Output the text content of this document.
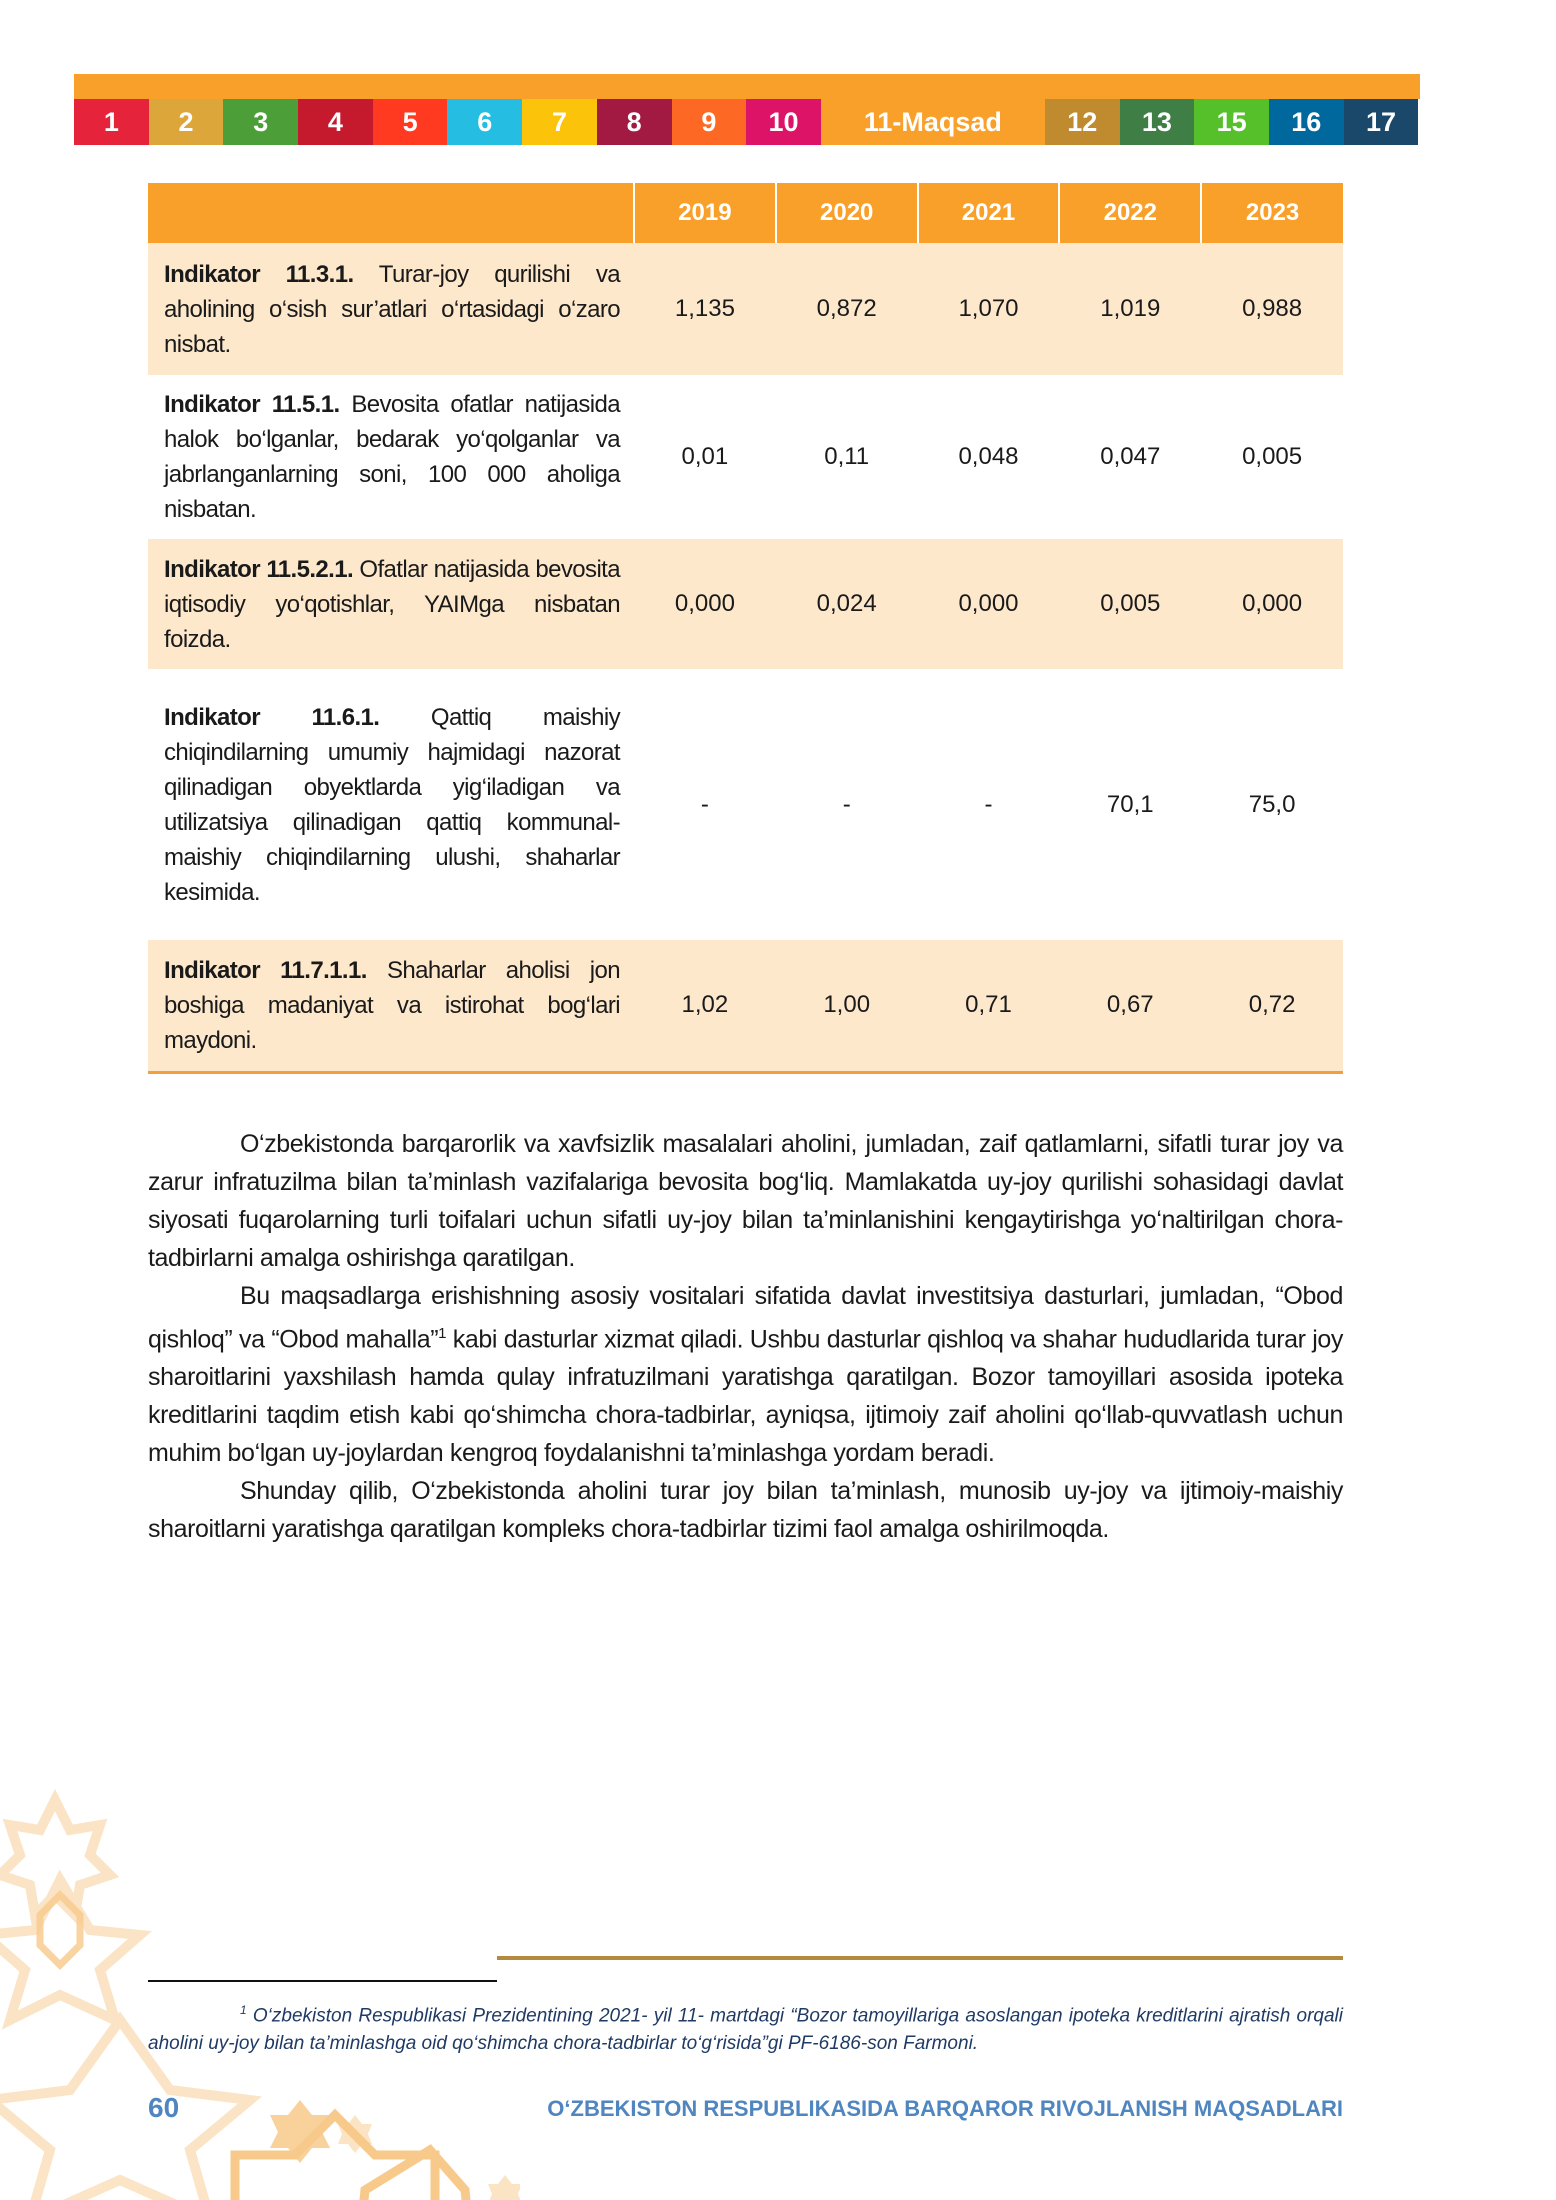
1	2	3	4	5	6	7	8	9	10	11-Maqsad	12	13	15	16	17
	2019	2020	2021	2022	2023
Indikator 11.3.1. Turar-joy qurilishi va aholining o‘sish sur’atlari o‘rtasidagi o‘zaro nisbat.	1,135	0,872	1,070	1,019	0,988
Indikator 11.5.1. Bevosita ofatlar natijasida halok bo‘lganlar, bedarak yo‘qolganlar va jabrlanganlarning soni, 100 000 aholiga nisbatan.	0,01	0,11	0,048	0,047	0,005
Indikator 11.5.2.1. Ofatlar natijasida bevosita iqtisodiy yo‘qotishlar, YAIMga nisbatan foizda.	0,000	0,024	0,000	0,005	0,000
Indikator 11.6.1. Qattiq maishiy chiqindilarning umumiy hajmidagi nazorat qilinadigan obyektlarda yig‘iladigan va utilizatsiya qilinadigan qattiq kommunal-maishiy chiqindilarning ulushi, shaharlar kesimida.	-	-	-	70,1	75,0
Indikator 11.7.1.1. Shaharlar aholisi jon boshiga madaniyat va istirohat bog‘lari maydoni.	1,02	1,00	0,71	0,67	0,72

O‘zbekistonda barqarorlik va xavfsizlik masalalari aholini, jumladan, zaif qatlamlarni, sifatli turar joy va zarur infratuzilma bilan ta’minlash vazifalariga bevosita bog‘liq. Mamlakatda uy-joy qurilishi sohasidagi davlat siyosati fuqarolarning turli toifalari uchun sifatli uy-joy bilan ta’minlanishini kengaytirishga yo‘naltirilgan chora-tadbirlarni amalga oshirishga qaratilgan.

Bu maqsadlarga erishishning asosiy vositalari sifatida davlat investitsiya dasturlari, jumladan, “Obod qishloq” va “Obod mahalla”$^1$ kabi dasturlar xizmat qiladi. Ushbu dasturlar qishloq va shahar hududlarida turar joy sharoitlarini yaxshilash hamda qulay infratuzilmani yaratishga qaratilgan. Bozor tamoyillari asosida ipoteka kreditlarini taqdim etish kabi qo‘shimcha chora-tadbirlar, ayniqsa, ijtimoiy zaif aholini qo‘llab-quvvatlash uchun muhim bo‘lgan uy-joylardan kengroq foydalanishni ta’minlashga yordam beradi.

Shunday qilib, O‘zbekistonda aholini turar joy bilan ta’minlash, munosib uy-joy va ijtimoiy-maishiy sharoitlarni yaratishga qaratilgan kompleks chora-tadbirlar tizimi faol amalga oshirilmoqda.

$^1$ O‘zbekiston Respublikasi Prezidentining 2021- yil 11- martdagi “Bozor tamoyillariga asoslangan ipoteka kreditlarini ajratish orqali aholini uy-joy bilan ta’minlashga oid qo‘shimcha chora-tadbirlar to‘g‘risida”gi PF-6186-son Farmoni.
60	O‘ZBEKISTON RESPUBLIKASIDA BARQAROR RIVOJLANISH MAQSADLARI
